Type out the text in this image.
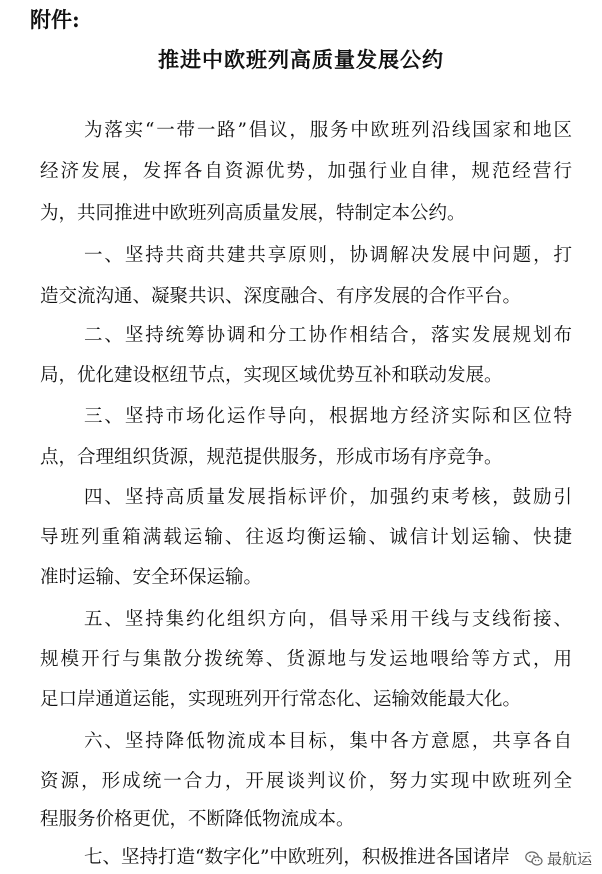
附件:
推进中欧班列高质量发展公约
为落实“一带一路”倡议，服务中欧班列沿线国家和地区
经济发展，发挥各自资源优势，加强行业自律，规范经营行
为，共同推进中欧班列高质量发展，特制定本公约。
一、坚持共商共建共享原则，协调解决发展中问题，打
造交流沟通、凝聚共识、深度融合、有序发展的合作平台。
二、坚持统筹协调和分工协作相结合，落实发展规划布
局，优化建设枢纽节点，实现区域优势互补和联动发展。
三、坚持市场化运作导向，根据地方经济实际和区位特
点，合理组织货源，规范提供服务，形成市场有序竞争。
四、坚持高质量发展指标评价，加强约束考核，鼓励引
导班列重箱满载运输、往返均衡运输、诚信计划运输、快捷
准时运输、安全环保运输。
五、坚持集约化组织方向，倡导采用干线与支线衔接、
规模开行与集散分拨统筹、货源地与发运地喂给等方式，用
足口岸通道运能，实现班列开行常态化、运输效能最大化。
六、坚持降低物流成本目标，集中各方意愿，共享各自
资源，形成统一合力，开展谈判议价，努力实现中欧班列全
程服务价格更优，不断降低物流成本。
七、坚持打造“数字化”中欧班列，积极推进各国诸岸	最航运
